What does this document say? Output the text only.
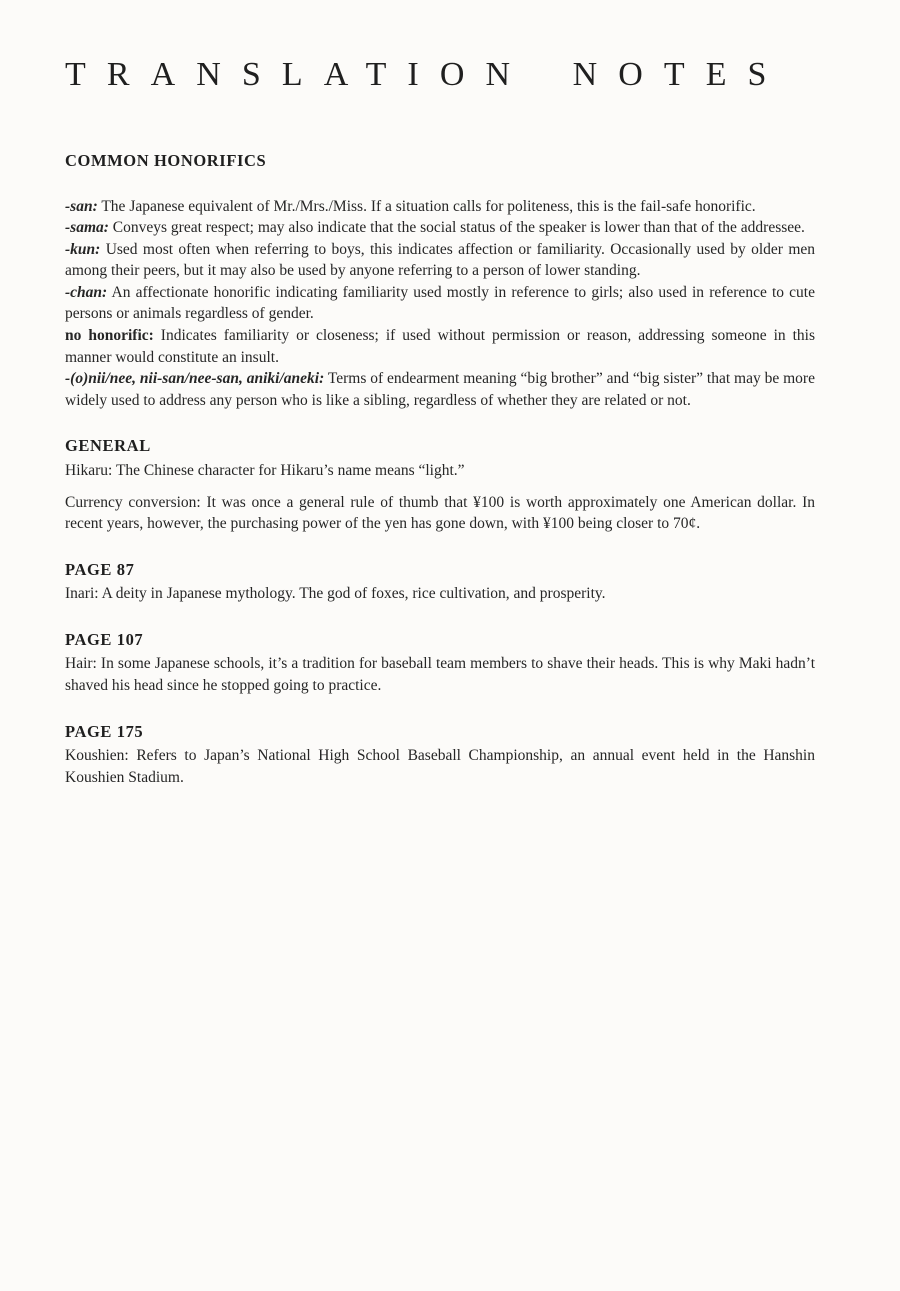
TRANSLATION NOTES
COMMON HONORIFICS

-san: The Japanese equivalent of Mr./Mrs./Miss. If a situation calls for politeness, this is the fail-safe honorific.

-sama: Conveys great respect; may also indicate that the social status of the speaker is lower than that of the addressee.

-kun: Used most often when referring to boys, this indicates affection or familiarity. Occasionally used by older men among their peers, but it may also be used by anyone referring to a person of lower standing.

-chan: An affectionate honorific indicating familiarity used mostly in reference to girls; also used in reference to cute persons or animals regardless of gender.

no honorific: Indicates familiarity or closeness; if used without permission or reason, addressing someone in this manner would constitute an insult.

-(o)nii/nee, nii-san/nee-san, aniki/aneki: Terms of endearment meaning “big brother” and “big sister” that may be more widely used to address any person who is like a sibling, regardless of whether they are related or not.

GENERAL

Hikaru: The Chinese character for Hikaru’s name means “light.”

Currency conversion: It was once a general rule of thumb that ¥100 is worth approximately one American dollar. In recent years, however, the purchasing power of the yen has gone down, with ¥100 being closer to 70¢.

PAGE 87

Inari: A deity in Japanese mythology. The god of foxes, rice cultivation, and prosperity.

PAGE 107

Hair: In some Japanese schools, it’s a tradition for baseball team members to shave their heads. This is why Maki hadn’t shaved his head since he stopped going to practice.

PAGE 175

Koushien: Refers to Japan’s National High School Baseball Championship, an annual event held in the Hanshin Koushien Stadium.
